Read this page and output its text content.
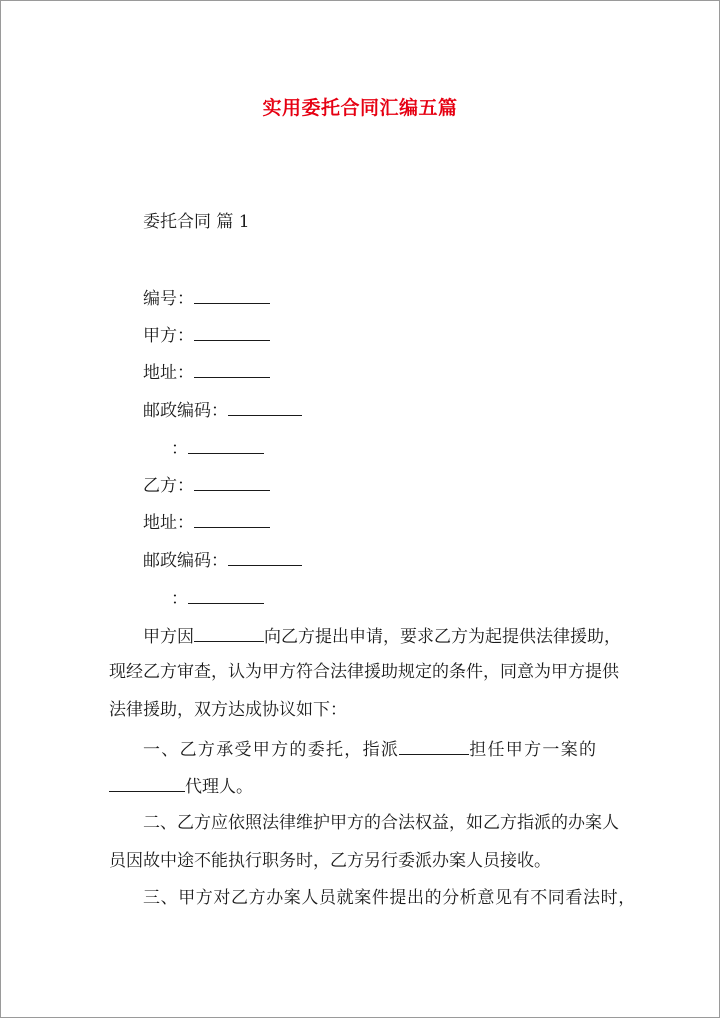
实用委托合同汇编五篇
委托合同 篇 1
编号：
甲方：
地址：
邮政编码：
：
乙方：
地址：
邮政编码：
：
甲方因	向乙方提出申请，要求乙方为起提供法律援助，
现经乙方审查，认为甲方符合法律援助规定的条件，同意为甲方提供
法律援助，双方达成协议如下：
一、乙方承受甲方的委托，指派	担任甲方一案的
代理人。
二、乙方应依照法律维护甲方的合法权益，如乙方指派的办案人
员因故中途不能执行职务时，乙方另行委派办案人员接收。
三、甲方对乙方办案人员就案件提出的分析意见有不同看法时，
